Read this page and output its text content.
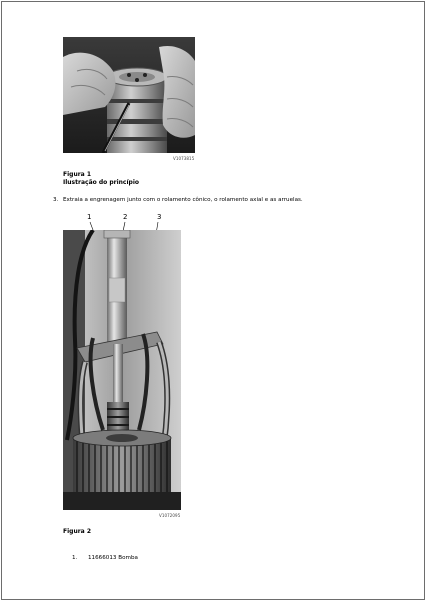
V1073815
Figura 1
Ilustração do princípio
3. Extraia a engrenagem junto com o rolamento cônico, o rolamento axial e as arruelas.
1	2	3
V1072095
Figura 2
1. 11666013 Bomba
